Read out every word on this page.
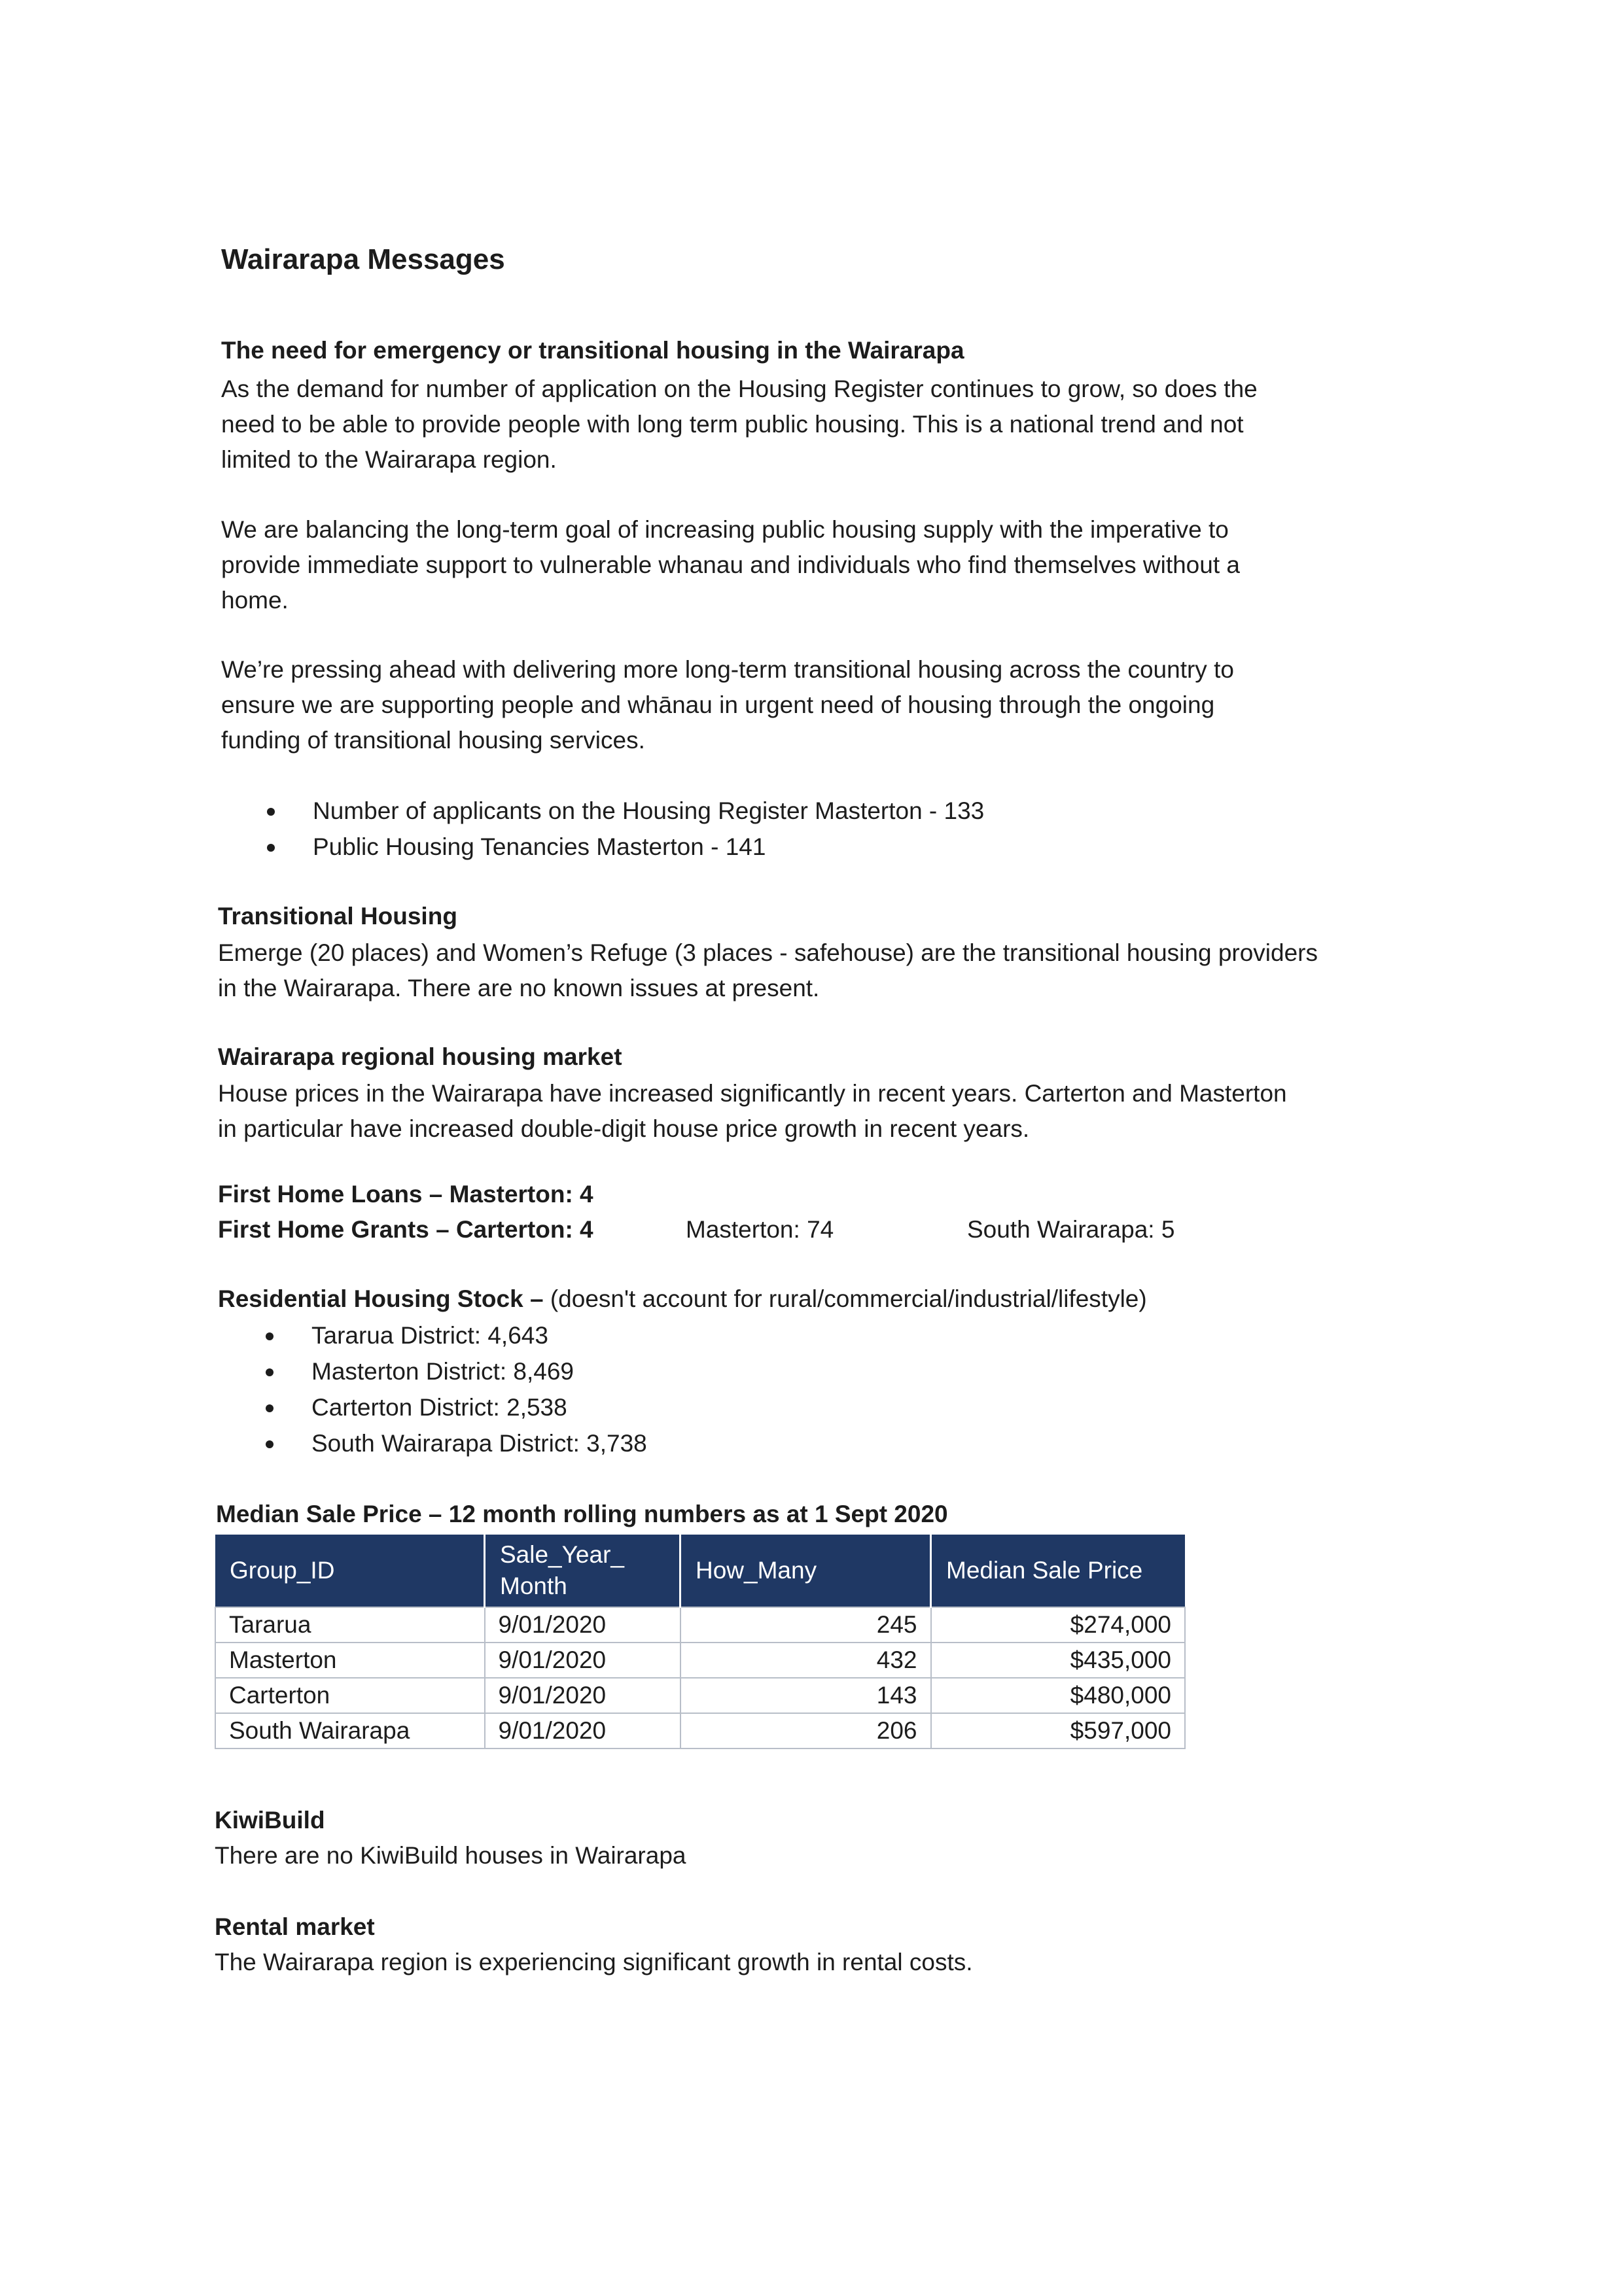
Wairarapa Messages
The need for emergency or transitional housing in the Wairarapa
As the demand for number of application on the Housing Register continues to grow, so does the
need to be able to provide people with long term public housing. This is a national trend and not
limited to the Wairarapa region.
We are balancing the long-term goal of increasing public housing supply with the imperative to
provide immediate support to vulnerable whanau and individuals who find themselves without a
home.
We’re pressing ahead with delivering more long-term transitional housing across the country to
ensure we are supporting people and whānau in urgent need of housing through the ongoing
funding of transitional housing services.
Number of applicants on the Housing Register Masterton - 133
Public Housing Tenancies Masterton - 141
Transitional Housing
Emerge (20 places) and Women’s Refuge (3 places - safehouse) are the transitional housing providers
in the Wairarapa. There are no known issues at present.
Wairarapa regional housing market
House prices in the Wairarapa have increased significantly in recent years. Carterton and Masterton
in particular have increased double-digit house price growth in recent years.
First Home Loans – Masterton: 4
First Home Grants – Carterton: 4	Masterton: 74	South Wairarapa: 5
Residential Housing Stock – (doesn't account for rural/commercial/industrial/lifestyle)
Tararua District: 4,643
Masterton District: 8,469
Carterton District: 2,538
South Wairarapa District: 3,738
Median Sale Price – 12 month rolling numbers as at 1 Sept 2020
Group_ID	Sale_Year_ Month	How_Many	Median Sale Price
Tararua	9/01/2020	245	$274,000
Masterton	9/01/2020	432	$435,000
Carterton	9/01/2020	143	$480,000
South Wairarapa	9/01/2020	206	$597,000
KiwiBuild
There are no KiwiBuild houses in Wairarapa
Rental market
The Wairarapa region is experiencing significant growth in rental costs.
